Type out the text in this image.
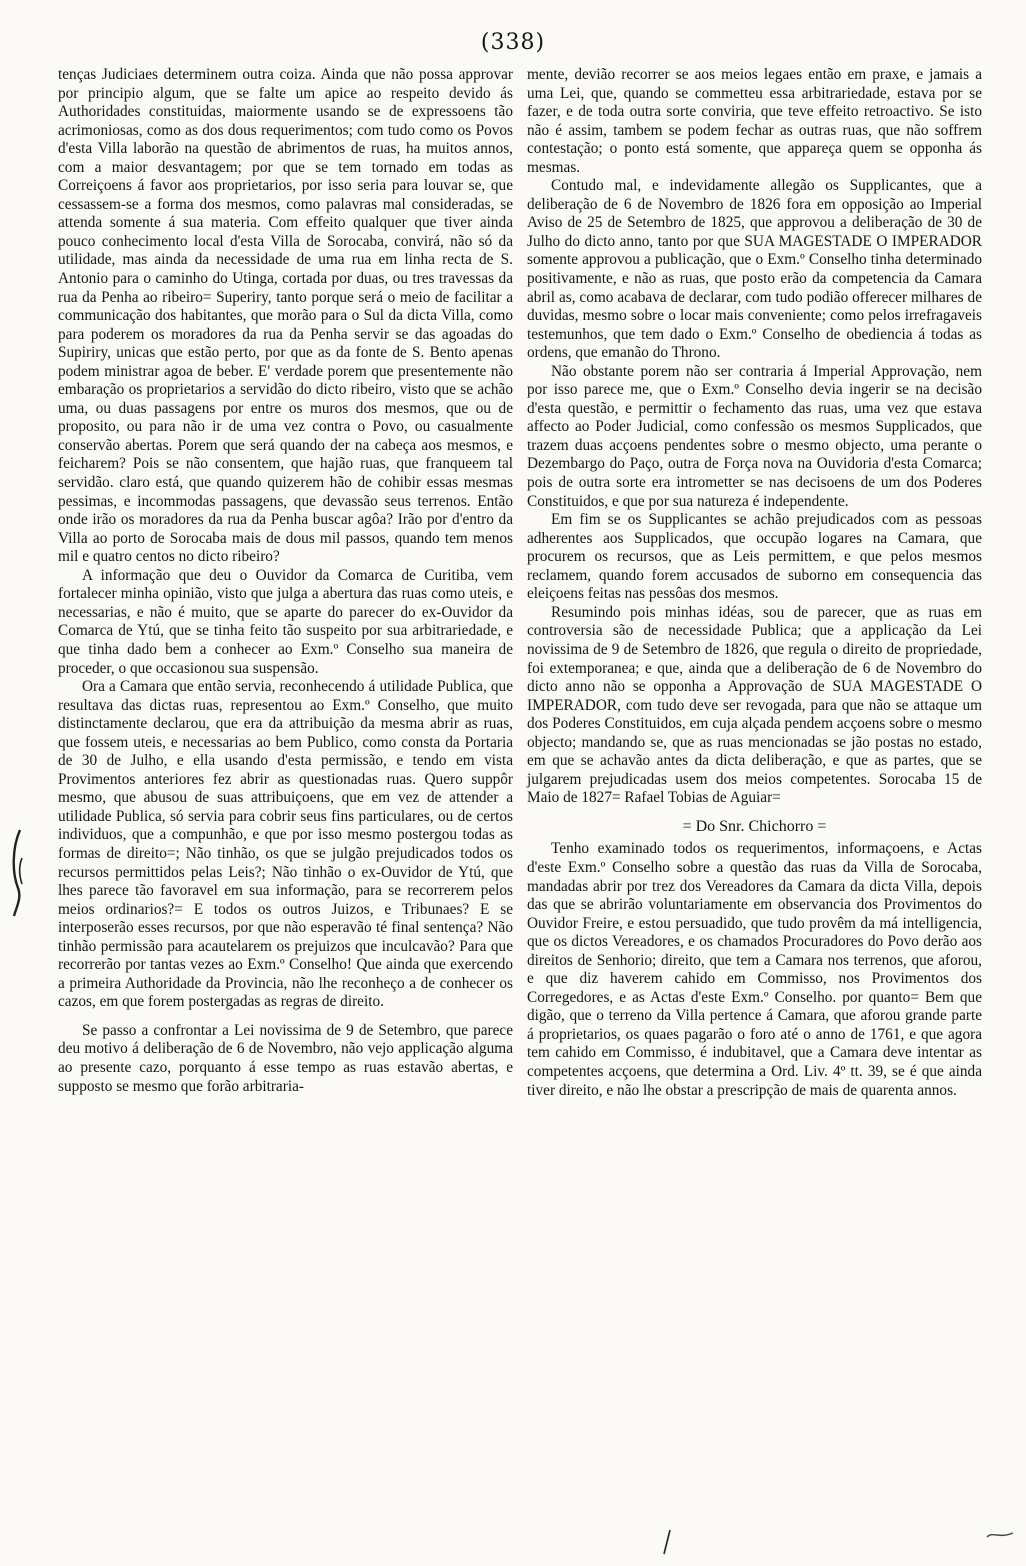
(338)

tenças Judiciaes determinem outra coiza. Ainda que não possa approvar por principio algum, que se falte um apice ao respeito devido ás Authoridades constituidas, maiormente usando se de expressoens tão acrimoniosas, como as dos dous requerimentos; com tudo como os Povos d'esta Villa laborão na questão de abrimentos de ruas, ha muitos annos, com a maior desvantagem; por que se tem tornado em todas as Correiçoens á favor aos proprietarios, por isso seria para louvar se, que cessassem-se a forma dos mesmos, como palavras mal consideradas, se attenda somente á sua materia. Com effeito qualquer que tiver ainda pouco conhecimento local d'esta Villa de Sorocaba, convirá, não só da utilidade, mas ainda da necessidade de uma rua em linha recta de S. Antonio para o caminho do Utinga, cortada por duas, ou tres travessas da rua da Penha ao ribeiro= Superiry, tanto porque será o meio de facilitar a communicação dos habitantes, que morão para o Sul da dicta Villa, como para poderem os moradores da rua da Penha servir se das agoadas do Supiriry, unicas que estão perto, por que as da fonte de S. Bento apenas podem ministrar agoa de beber. E' verdade porem que presentemente não embaração os proprietarios a servidão do dicto ribeiro, visto que se achão uma, ou duas passagens por entre os muros dos mesmos, que ou de proposito, ou para não ir de uma vez contra o Povo, ou casualmente conservão abertas. Porem que será quando der na cabeça aos mesmos, e feicharem? Pois se não consentem, que hajão ruas, que franqueem tal servidão. claro está, que quando quizerem hão de cohibir essas mesmas pessimas, e incommodas passagens, que devassão seus terrenos. Então onde irão os moradores da rua da Penha buscar agôa? Irão por d'entro da Villa ao porto de Sorocaba mais de dous mil passos, quando tem menos mil e quatro centos no dicto ribeiro?

A informação que deu o Ouvidor da Comarca de Curitiba, vem fortalecer minha opinião, visto que julga a abertura das ruas como uteis, e necessarias, e não é muito, que se aparte do parecer do ex-Ouvidor da Comarca de Ytú, que se tinha feito tão suspeito por sua arbitrariedade, e que tinha dado bem a conhecer ao Exm.º Conselho sua maneira de proceder, o que occasionou sua suspensão.

Ora a Camara que então servia, reconhecendo á utilidade Publica, que resultava das dictas ruas, representou ao Exm.º Conselho, que muito distinctamente declarou, que era da attribuição da mesma abrir as ruas, que fossem uteis, e necessarias ao bem Publico, como consta da Portaria de 30 de Julho, e ella usando d'esta permissão, e tendo em vista Provimentos anteriores fez abrir as questionadas ruas. Quero suppôr mesmo, que abusou de suas attribuiçoens, que em vez de attender a utilidade Publica, só servia para cobrir seus fins particulares, ou de certos individuos, que a compunhão, e que por isso mesmo postergou todas as formas de direito=; Não tinhão, os que se julgão prejudicados todos os recursos permittidos pelas Leis?; Não tinhão o ex-Ouvidor de Ytú, que lhes parece tão favoravel em sua informação, para se recorrerem pelos meios ordinarios?= E todos os outros Juizos, e Tribunaes? E se interposerão esses recursos, por que não esperavão té final sentença? Não tinhão permissão para acautelarem os prejuizos que inculcavão? Para que recorrerão por tantas vezes ao Exm.º Conselho! Que ainda que exercendo a primeira Authoridade da Provincia, não lhe reconheço a de conhecer os cazos, em que forem postergadas as regras de direito.

Se passo a confrontar a Lei novissima de 9 de Setembro, que parece deu motivo á deliberação de 6 de Novembro, não vejo applicação alguma ao presente cazo, porquanto á esse tempo as ruas estavão abertas, e supposto se mesmo que forão arbitraria-

mente, devião recorrer se aos meios legaes então em praxe, e jamais a uma Lei, que, quando se commetteu essa arbitrariedade, estava por se fazer, e de toda outra sorte conviria, que teve effeito retroactivo. Se isto não é assim, tambem se podem fechar as outras ruas, que não soffrem contestação; o ponto está somente, que appareça quem se opponha ás mesmas.

Contudo mal, e indevidamente allegão os Supplicantes, que a deliberação de 6 de Novembro de 1826 fora em opposição ao Imperial Aviso de 25 de Setembro de 1825, que approvou a deliberação de 30 de Julho do dicto anno, tanto por que SUA MAGESTADE O IMPERADOR somente approvou a publicação, que o Exm.º Conselho tinha determinado positivamente, e não as ruas, que posto erão da competencia da Camara abril as, como acabava de declarar, com tudo podião offerecer milhares de duvidas, mesmo sobre o locar mais conveniente; como pelos irrefragaveis testemunhos, que tem dado o Exm.º Conselho de obediencia á todas as ordens, que emanão do Throno.

Não obstante porem não ser contraria á Imperial Approvação, nem por isso parece me, que o Exm.º Conselho devia ingerir se na decisão d'esta questão, e permittir o fechamento das ruas, uma vez que estava affecto ao Poder Judicial, como confessão os mesmos Supplicados, que trazem duas acçoens pendentes sobre o mesmo objecto, uma perante o Dezembargo do Paço, outra de Força nova na Ouvidoria d'esta Comarca; pois de outra sorte era intrometter se nas decisoens de um dos Poderes Constituidos, e que por sua natureza é independente.

Em fim se os Supplicantes se achão prejudicados com as pessoas adherentes aos Supplicados, que occupão logares na Camara, que procurem os recursos, que as Leis permittem, e que pelos mesmos reclamem, quando forem accusados de suborno em consequencia das eleiçoens feitas nas pessôas dos mesmos.

Resumindo pois minhas idéas, sou de parecer, que as ruas em controversia são de necessidade Publica; que a applicação da Lei novissima de 9 de Setembro de 1826, que regula o direito de propriedade, foi extemporanea; e que, ainda que a deliberação de 6 de Novembro do dicto anno não se opponha a Approvação de SUA MAGESTADE O IMPERADOR, com tudo deve ser revogada, para que não se attaque um dos Poderes Constituidos, em cuja alçada pendem acçoens sobre o mesmo objecto; mandando se, que as ruas mencionadas se jão postas no estado, em que se achavão antes da dicta deliberação, e que as partes, que se julgarem prejudicadas usem dos meios competentes. Sorocaba 15 de Maio de 1827= Rafael Tobias de Aguiar=

= Do Snr. Chichorro =

Tenho examinado todos os requerimentos, informaçoens, e Actas d'este Exm.º Conselho sobre a questão das ruas da Villa de Sorocaba, mandadas abrir por trez dos Vereadores da Camara da dicta Villa, depois das que se abrirão voluntariamente em observancia dos Provimentos do Ouvidor Freire, e estou persuadido, que tudo provêm da má intelligencia, que os dictos Vereadores, e os chamados Procuradores do Povo derão aos direitos de Senhorio; direito, que tem a Camara nos terrenos, que aforou, e que diz haverem cahido em Commisso, nos Provimentos dos Corregedores, e as Actas d'este Exm.º Conselho. por quanto= Bem que digão, que o terreno da Villa pertence á Camara, que aforou grande parte á proprietarios, os quaes pagarão o foro até o anno de 1761, e que agora tem cahido em Commisso, é indubitavel, que a Camara deve intentar as competentes acçoens, que determina a Ord. Liv. 4º tt. 39, se é que ainda tiver direito, e não lhe obstar a prescripção de mais de quarenta annos.
